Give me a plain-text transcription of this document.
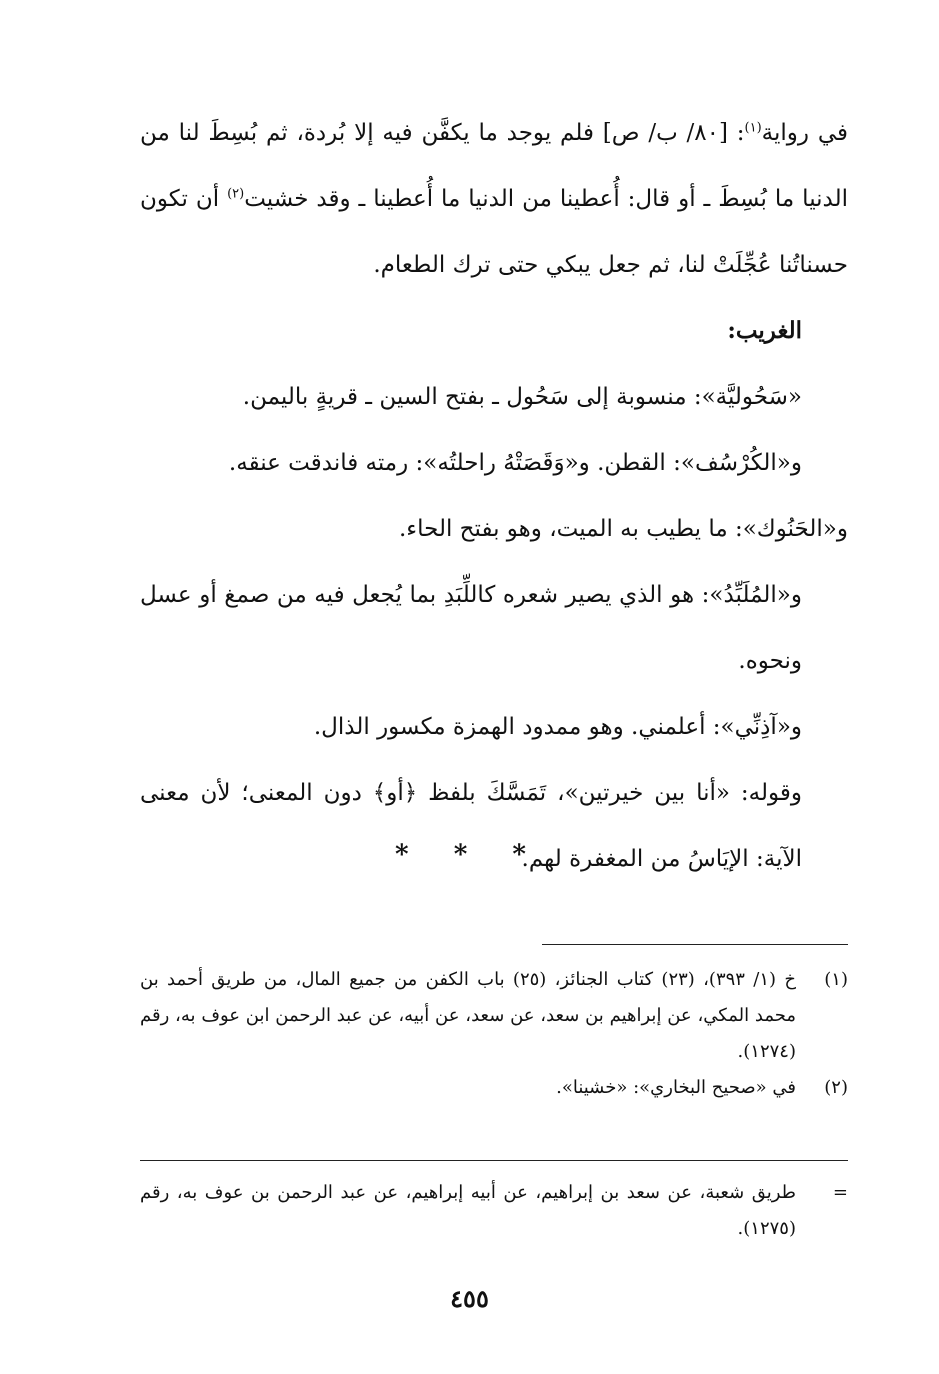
في رواية$^{(١)}$: [٨٠/ ب/ ص] فلم يوجد ما يكفَّن فيه إلا بُردة، ثم بُسِطَ لنا من الدنيا ما بُسِطَ ـ أو قال: أُعطينا من الدنيا ما أُعطينا ـ وقد خشيت$^{(٢)}$ أن تكون حسناتُنا عُجِّلَتْ لنا، ثم جعل يبكي حتى ترك الطعام.

الغريب:

«سَحُوليَّة»: منسوبة إلى سَحُول ـ بفتح السين ـ قريةٍ باليمن.

و«الكُرْسُف»: القطن. و«وَقَصَتْهُ راحلتُه»: رمته فاندقت عنقه.

و«الحَنُوك»: ما يطيب به الميت، وهو بفتح الحاء.

و«المُلَبِّدُ»: هو الذي يصير شعره كاللِّبَدِ بما يُجعل فيه من صمغ أو عسل ونحوه.

و«آذِنِّي»: أعلمني. وهو ممدود الهمزة مكسور الذال.

وقوله: «أنا بين خيرتين»، تَمَسَّكَ بلفظ ﴿أو﴾ دون المعنى؛ لأن معنى الآية: الإيَاسُ من المغفرة لهم.

* * *
(١)
خ (١/ ٣٩٣)، (٢٣) كتاب الجنائز، (٢٥) باب الكفن من جميع المال، من طريق أحمد بن محمد المكي، عن إبراهيم بن سعد، عن سعد، عن أبيه، عن عبد الرحمن ابن عوف به، رقم (١٢٧٤).
(٢)
في «صحيح البخاري»: «خشينا».
=
طريق شعبة، عن سعد بن إبراهيم، عن أبيه إبراهيم، عن عبد الرحمن بن عوف به، رقم (١٢٧٥).
٤٥٥
